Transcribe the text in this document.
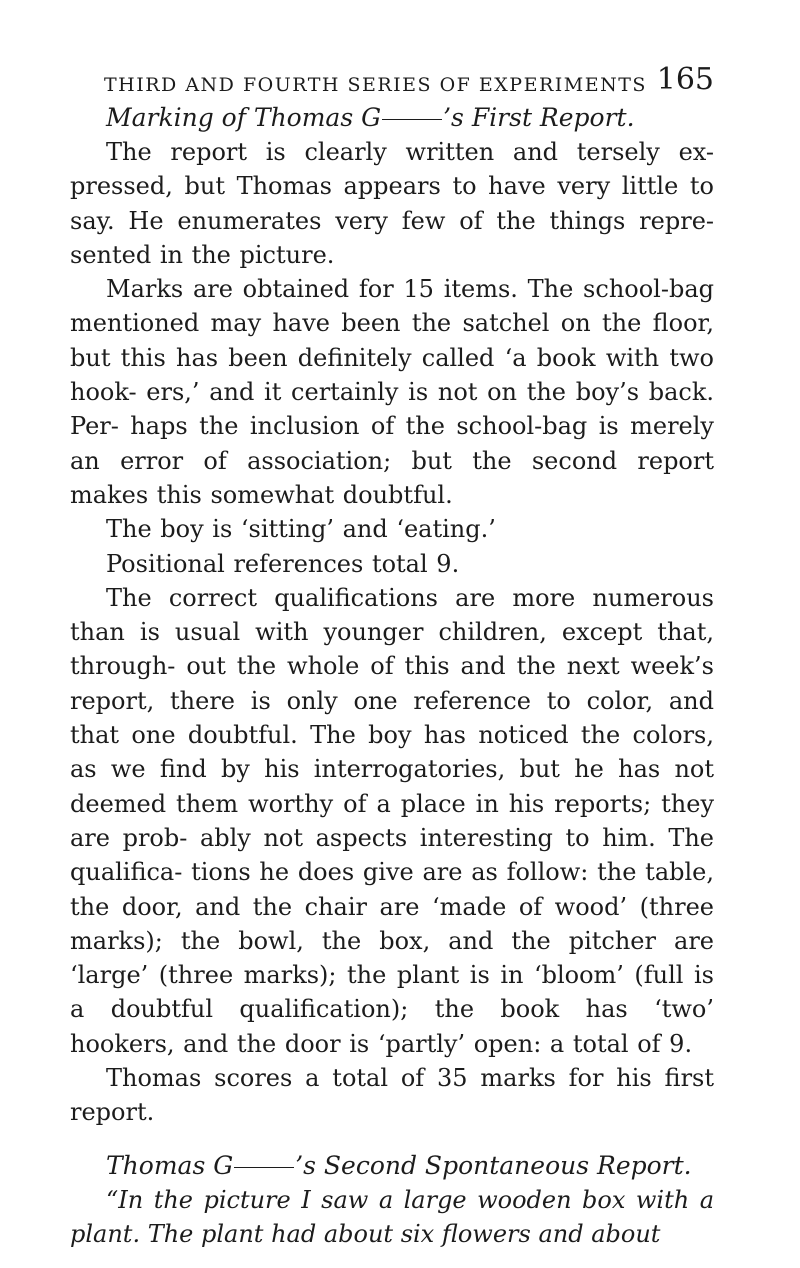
THIRD AND FOURTH SERIES OF EXPERIMENTS 165

Marking of Thomas G ’s First Report.

The report is clearly written and tersely ex- pressed, but Thomas appears to have very little to say. He enumerates very few of the things repre- sented in the picture.

Marks are obtained for 15 items. The school-bag mentioned may have been the satchel on the floor, but this has been definitely called ‘a book with two hook- ers,’ and it certainly is not on the boy’s back. Per- haps the inclusion of the school-bag is merely an error of association; but the second report makes this somewhat doubtful.

The boy is ‘sitting’ and ‘eating.’

Positional references total 9.

The correct qualifications are more numerous than is usual with younger children, except that, through- out the whole of this and the next week’s report, there is only one reference to color, and that one doubtful. The boy has noticed the colors, as we find by his interrogatories, but he has not deemed them worthy of a place in his reports; they are prob- ably not aspects interesting to him. The qualifica- tions he does give are as follow: the table, the door, and the chair are ‘made of wood’ (three marks); the bowl, the box, and the pitcher are ‘large’ (three marks); the plant is in ‘bloom’ (full is a doubtful qualification); the book has ‘two’ hookers, and the door is ‘partly’ open: a total of 9.

Thomas scores a total of 35 marks for his first report.

Thomas G ’s Second Spontaneous Report.

“In the picture I saw a large wooden box with a plant. The plant had about six flowers and about
